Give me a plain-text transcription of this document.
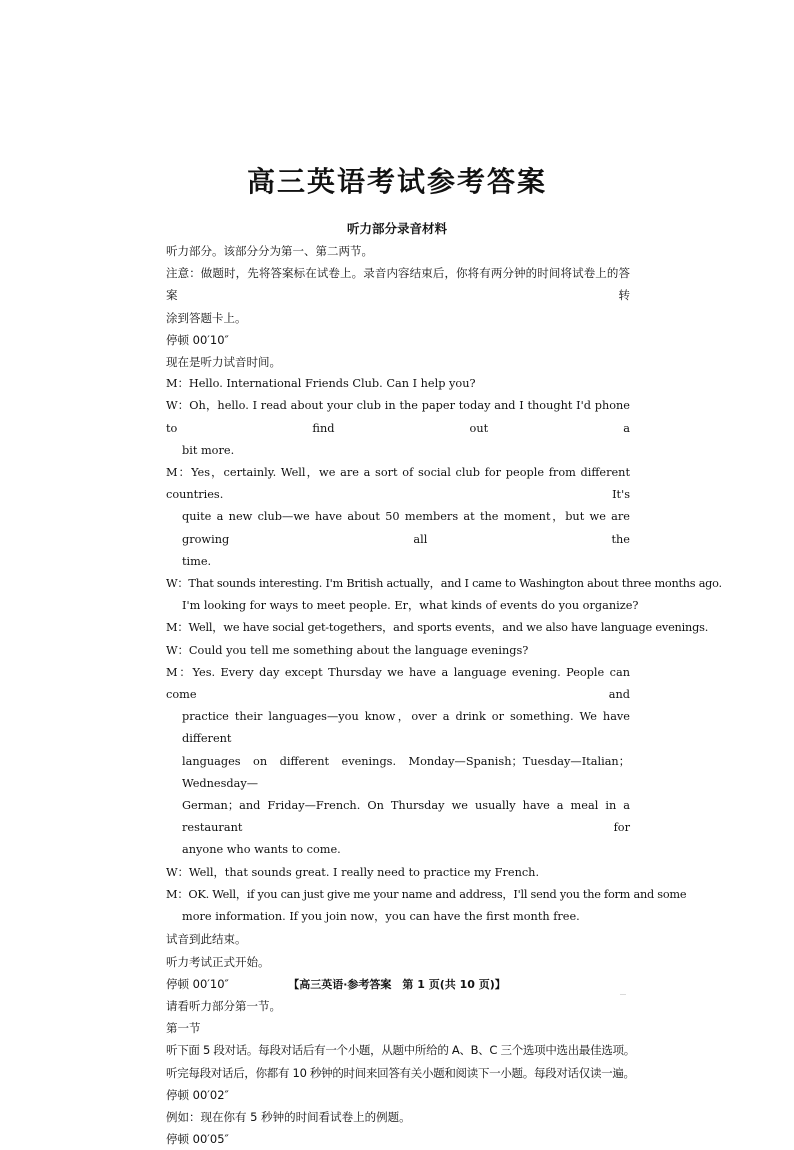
高三英语考试参考答案
听力部分录音材料
听力部分。该部分分为第一、第二两节。
注意：做题时，先将答案标在试卷上。录音内容结束后，你将有两分钟的时间将试卷上的答案转
涂到答题卡上。
停顿 00′10″
现在是听力试音时间。
M：Hello. International Friends Club. Can I help you?
W：Oh，hello. I read about your club in the paper today and I thought I'd phone to find out a
bit more.
M：Yes，certainly. Well，we are a sort of social club for people from different countries. It's
quite a new club—we have about 50 members at the moment，but we are growing all the
time.
W：That sounds interesting. I'm British actually，and I came to Washington about three months ago.
I'm looking for ways to meet people. Er，what kinds of events do you organize?
M：Well，we have social get-togethers，and sports events，and we also have language evenings.
W：Could you tell me something about the language evenings?
M：Yes. Every day except Thursday we have a language evening. People can come and
practice their languages—you know，over a drink or something. We have different
languages on different evenings. Monday—Spanish；Tuesday—Italian；Wednesday—
German；and Friday—French. On Thursday we usually have a meal in a restaurant for
anyone who wants to come.
W：Well，that sounds great. I really need to practice my French.
M：OK. Well，if you can just give me your name and address，I'll send you the form and some
more information. If you join now，you can have the first month free.
试音到此结束。
听力考试正式开始。
停顿 00′10″
请看听力部分第一节。
第一节
听下面 5 段对话。每段对话后有一个小题，从题中所给的 A、B、C 三个选项中选出最佳选项。
听完每段对话后，你都有 10 秒钟的时间来回答有关小题和阅读下一小题。每段对话仅读一遍。
停顿 00′02″
例如：现在你有 5 秒钟的时间看试卷上的例题。
停顿 00′05″
【高三英语·参考答案　第 1 页(共 10 页)】
…
